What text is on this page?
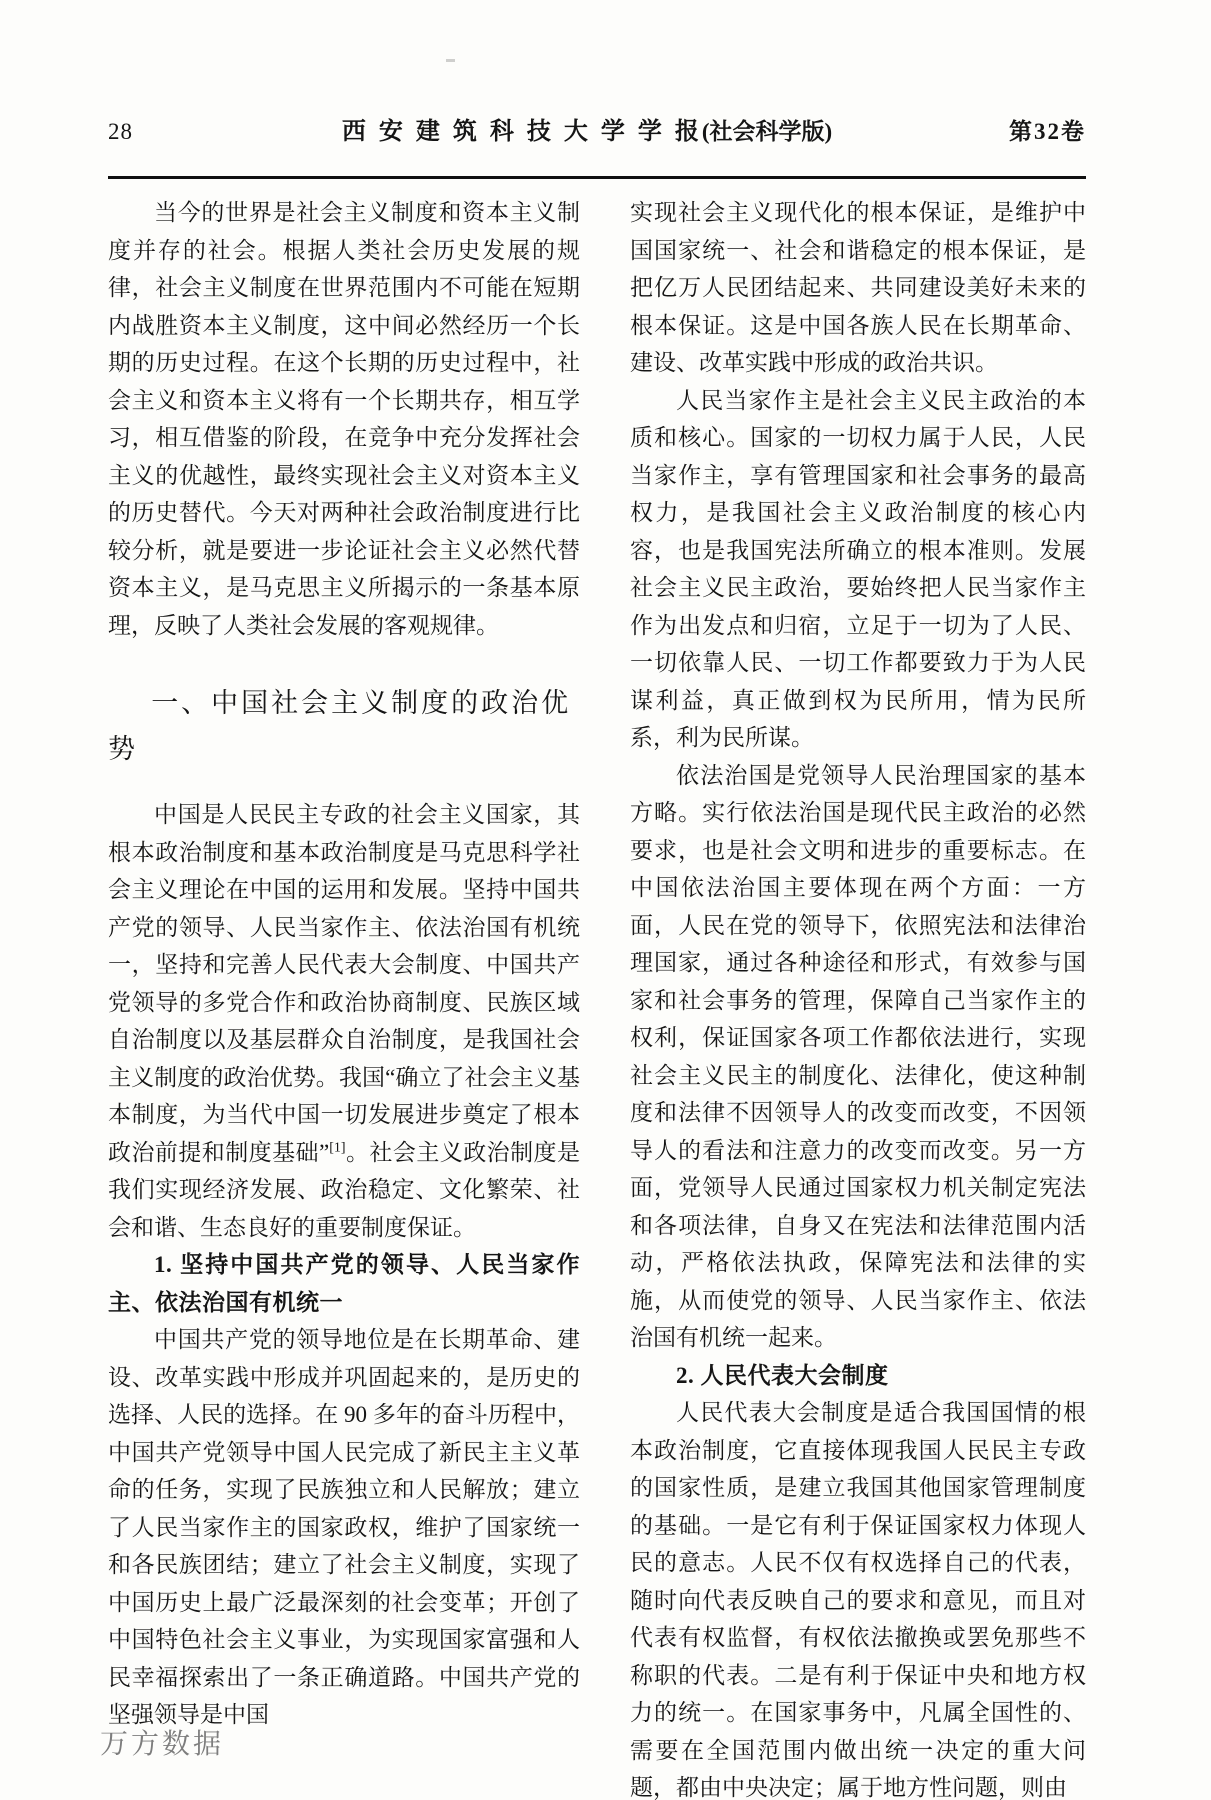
28	西安建筑科技大学学报(社会科学版)	第32卷

当今的世界是社会主义制度和资本主义制度并存的社会。根据人类社会历史发展的规律，社会主义制度在世界范围内不可能在短期内战胜资本主义制度，这中间必然经历一个长期的历史过程。在这个长期的历史过程中，社会主义和资本主义将有一个长期共存，相互学习，相互借鉴的阶段，在竞争中充分发挥社会主义的优越性，最终实现社会主义对资本主义的历史替代。今天对两种社会政治制度进行比较分析，就是要进一步论证社会主义必然代替资本主义，是马克思主义所揭示的一条基本原理，反映了人类社会发展的客观规律。

一、中国社会主义制度的政治优
势

中国是人民民主专政的社会主义国家，其根本政治制度和基本政治制度是马克思科学社会主义理论在中国的运用和发展。坚持中国共产党的领导、人民当家作主、依法治国有机统一，坚持和完善人民代表大会制度、中国共产党领导的多党合作和政治协商制度、民族区域自治制度以及基层群众自治制度，是我国社会主义制度的政治优势。我国“确立了社会主义基本制度，为当代中国一切发展进步奠定了根本政治前提和制度基础”[1]。社会主义政治制度是我们实现经济发展、政治稳定、文化繁荣、社会和谐、生态良好的重要制度保证。

1. 坚持中国共产党的领导、人民当家作主、依法治国有机统一

中国共产党的领导地位是在长期革命、建设、改革实践中形成并巩固起来的，是历史的选择、人民的选择。在 90 多年的奋斗历程中，中国共产党领导中国人民完成了新民主主义革命的任务，实现了民族独立和人民解放；建立了人民当家作主的国家政权，维护了国家统一和各民族团结；建立了社会主义制度，实现了中国历史上最广泛最深刻的社会变革；开创了中国特色社会主义事业，为实现国家富强和人民幸福探索出了一条正确道路。中国共产党的坚强领导是中国

实现社会主义现代化的根本保证，是维护中国国家统一、社会和谐稳定的根本保证，是把亿万人民团结起来、共同建设美好未来的根本保证。这是中国各族人民在长期革命、建设、改革实践中形成的政治共识。

人民当家作主是社会主义民主政治的本质和核心。国家的一切权力属于人民，人民当家作主，享有管理国家和社会事务的最高权力，是我国社会主义政治制度的核心内容，也是我国宪法所确立的根本准则。发展社会主义民主政治，要始终把人民当家作主作为出发点和归宿，立足于一切为了人民、一切依靠人民、一切工作都要致力于为人民谋利益，真正做到权为民所用，情为民所系，利为民所谋。

依法治国是党领导人民治理国家的基本方略。实行依法治国是现代民主政治的必然要求，也是社会文明和进步的重要标志。在中国依法治国主要体现在两个方面：一方面，人民在党的领导下，依照宪法和法律治理国家，通过各种途径和形式，有效参与国家和社会事务的管理，保障自己当家作主的权利，保证国家各项工作都依法进行，实现社会主义民主的制度化、法律化，使这种制度和法律不因领导人的改变而改变，不因领导人的看法和注意力的改变而改变。另一方面，党领导人民通过国家权力机关制定宪法和各项法律，自身又在宪法和法律范围内活动，严格依法执政，保障宪法和法律的实施，从而使党的领导、人民当家作主、依法治国有机统一起来。

2. 人民代表大会制度

人民代表大会制度是适合我国国情的根本政治制度，它直接体现我国人民民主专政的国家性质，是建立我国其他国家管理制度的基础。一是它有利于保证国家权力体现人民的意志。人民不仅有权选择自己的代表，随时向代表反映自己的要求和意见，而且对代表有权监督，有权依法撤换或罢免那些不称职的代表。二是有利于保证中央和地方权力的统一。在国家事务中，凡属全国性的、需要在全国范围内做出统一决定的重大问题，都由中央决定；属于地方性问题，则由

万方数据
